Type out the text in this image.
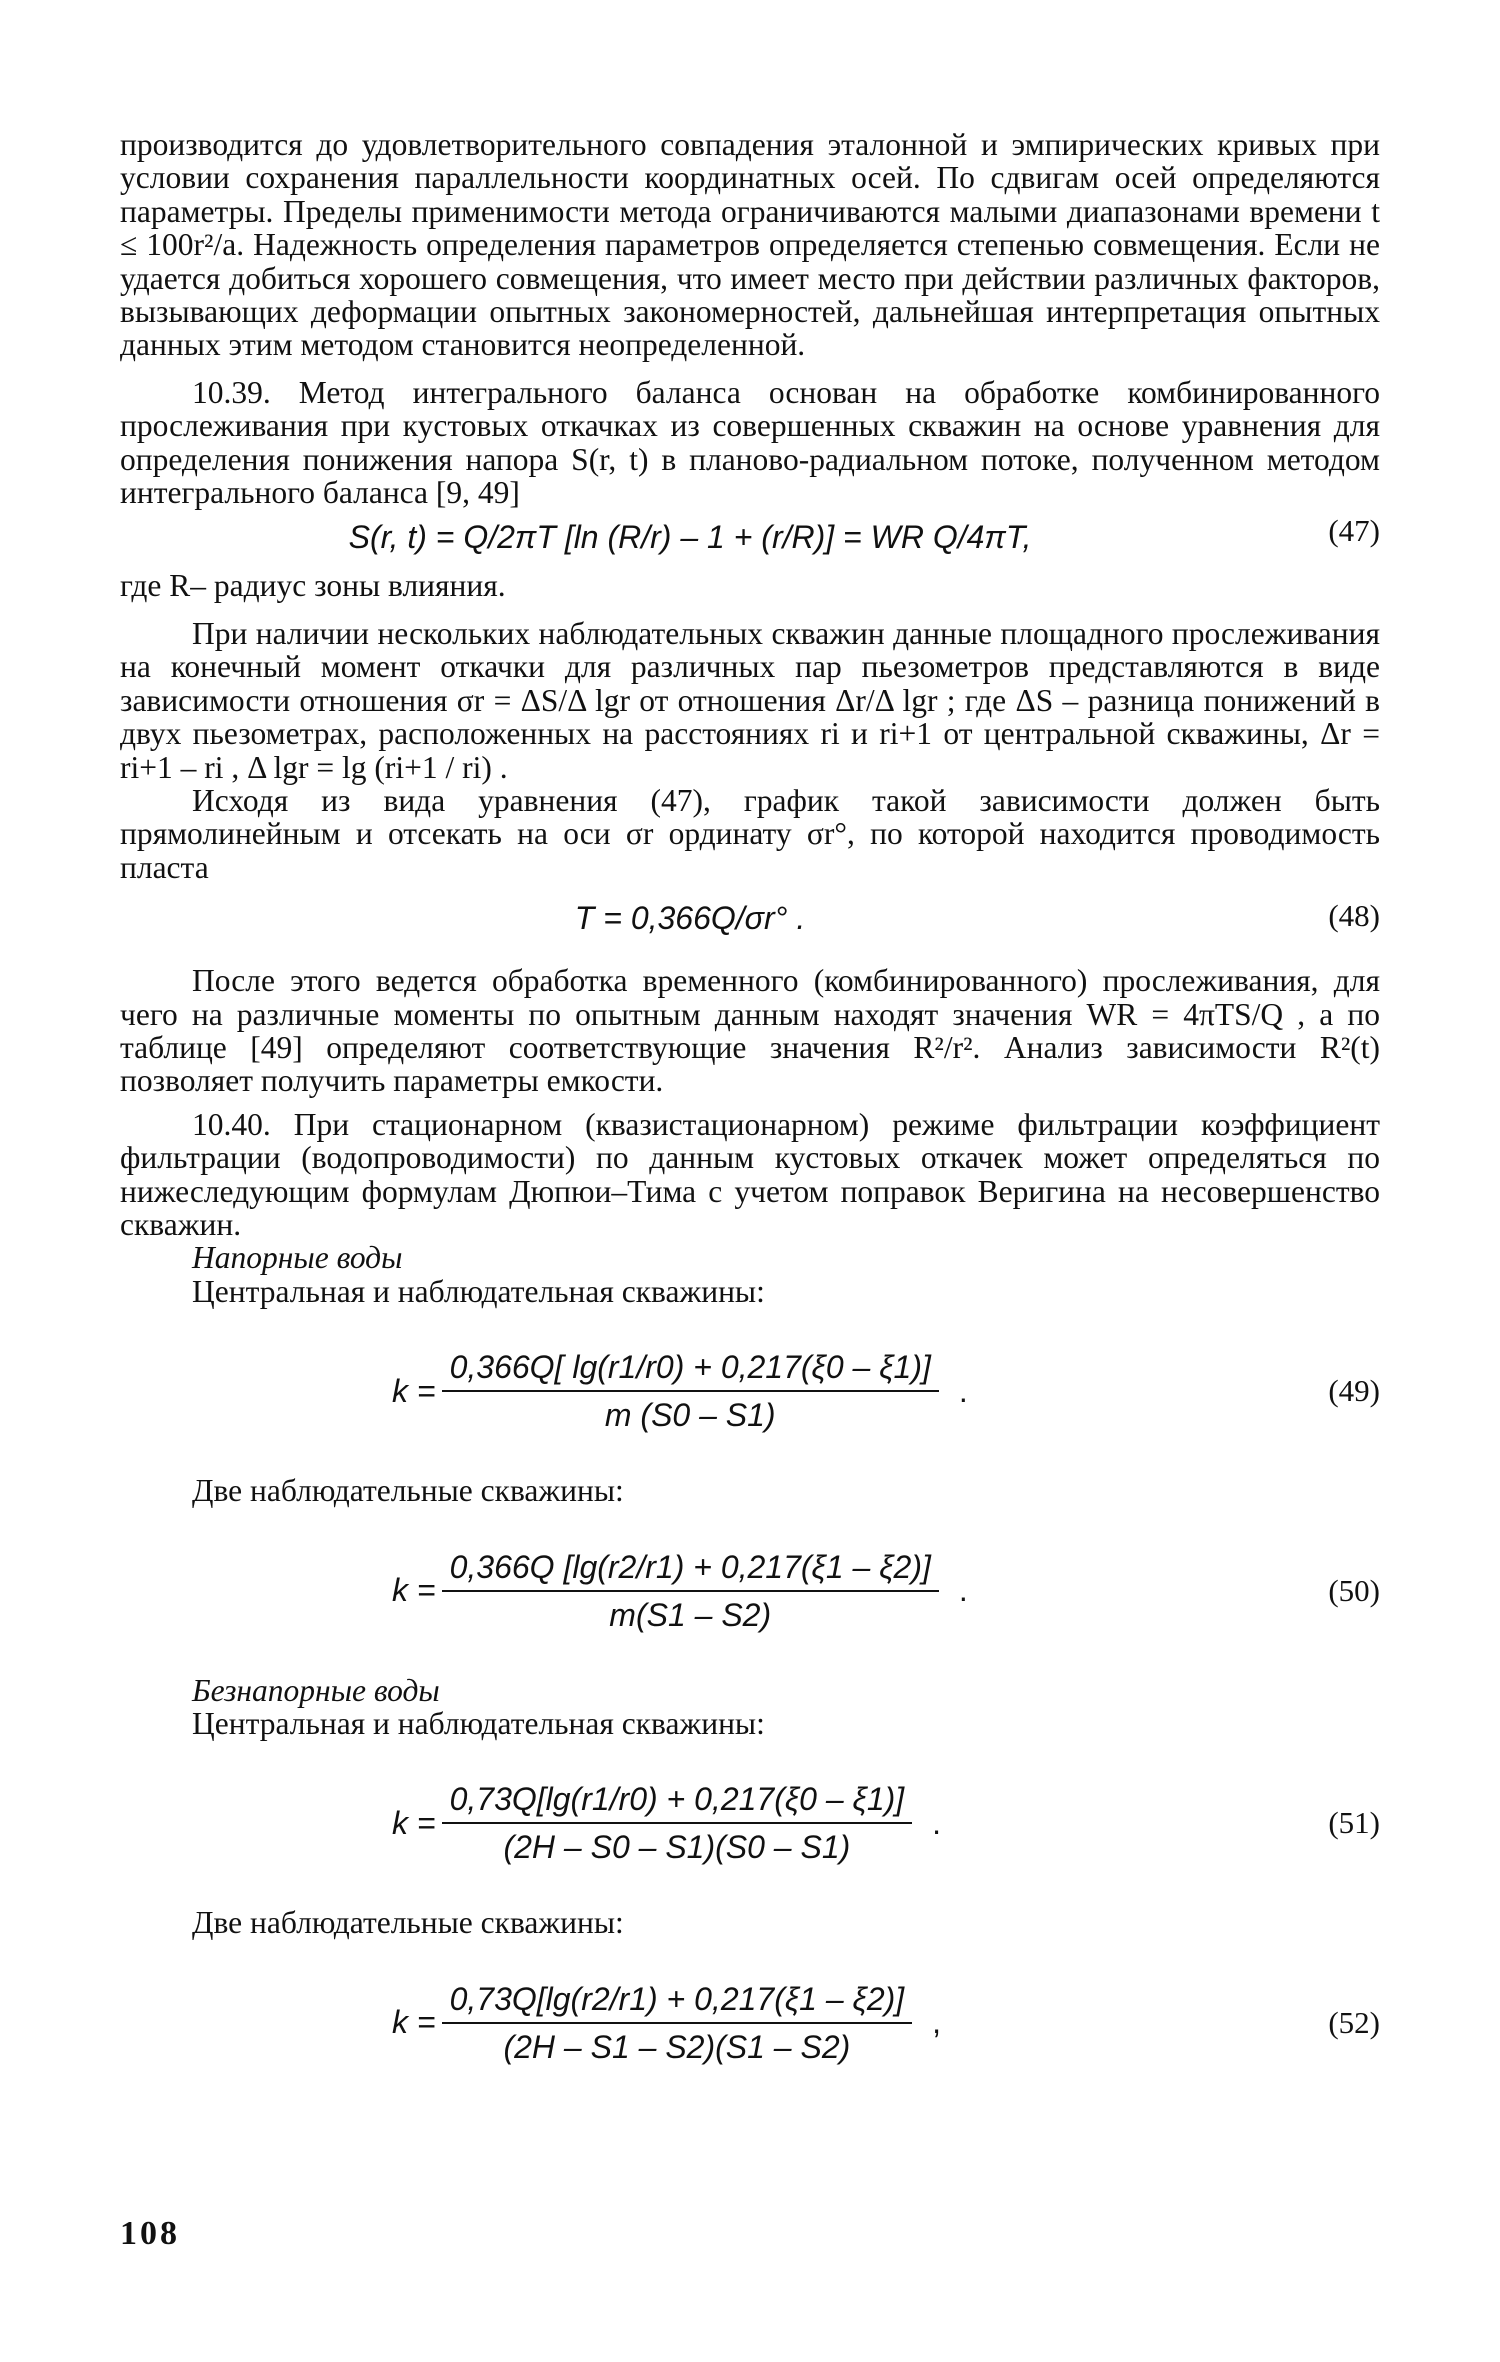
производится до удовлетворительного совпадения эталонной и эмпирических кривых при условии сохранения параллельности координатных осей. По сдвигам осей определяются параметры. Пределы применимости метода ограничиваются малыми диапазонами времени t ≤ 100r²/a. Надежность определения параметров определяется степенью совмещения. Если не удается добиться хорошего совмещения, что имеет место при действии различных факторов, вызывающих деформации опытных закономерностей, дальнейшая интерпретация опытных данных этим методом становится неопределенной.

10.39. Метод интегрального баланса основан на обработке комбинированного прослеживания при кустовых откачках из совершенных скважин на основе уравнения для определения понижения напора S(r, t) в планово-радиальном потоке, полученном методом интегрального баланса [9, 49]

S(r, t) = Q/2πT [ln (R/r) – 1 + (r/R)] = WR Q/4πT,	(47)

где R– радиус зоны влияния.

При наличии нескольких наблюдательных скважин данные площадного прослеживания на конечный момент откачки для различных пар пьезометров представляются в виде зависимости отношения σr = ΔS/Δ lgr от отношения Δr/Δ lgr ; где ΔS – разница понижений в двух пьезометрах, расположенных на расстояниях ri и ri+1 от центральной скважины, Δr = ri+1 – ri , Δ lgr = lg (ri+1 / ri) .

Исходя из вида уравнения (47), график такой зависимости должен быть прямолинейным и отсекать на оси σr ординату σr°, по которой находится проводимость пласта

T = 0,366Q/σr° .	(48)

После этого ведется обработка временного (комбинированного) прослеживания, для чего на различные моменты по опытным данным находят значения WR = 4πTS/Q , а по таблице [49] определяют соответствующие значения R²/r². Анализ зависимости R²(t) позволяет получить параметры емкости.

10.40. При стационарном (квазистационарном) режиме фильтрации коэффициент фильтрации (водопроводимости) по данным кустовых откачек может определяться по нижеследующим формулам Дюпюи–Тима с учетом поправок Веригина на несовершенство скважин.

Напорные воды

Центральная и наблюдательная скважины:

$k = \frac{0,366Q[ \lg(r1/r0) + 0,217(\xi 0 - \xi 1)]}{m (S0 - S1)}$ .	(49)

Две наблюдательные скважины:

$k = \frac{0,366Q [\lg(r2/r1) + 0,217(\xi 1 - \xi 2)]}{m(S1 - S2)}$ .	(50)

Безнапорные воды

Центральная и наблюдательная скважины:

$k = \frac{0,73Q[\lg(r1/r0) + 0,217(\xi 0 - \xi 1)]}{(2H - S0 - S1)(S0 - S1)}$ .	(51)

Две наблюдательные скважины:

$k = \frac{0,73Q[\lg(r2/r1) + 0,217(\xi 1 - \xi 2)]}{(2H - S1 - S2)(S1 - S2)}$ ,	(52)
108
